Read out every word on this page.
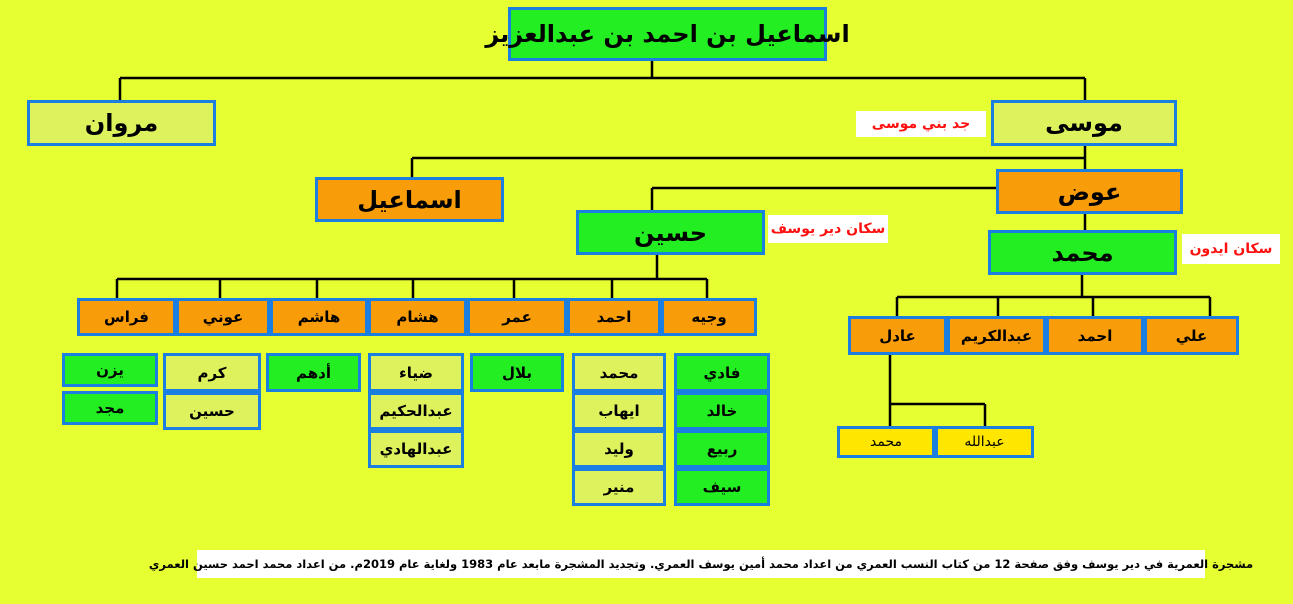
اسماعيل بن احمد بن عبدالعزيز
مروان	موسى
جد بني موسى
اسماعيل	عوض
حسين	سكان دير يوسف
محمد	سكان ايدون
وجيه
احمد
عمر
هشام
هاشم
عوني
فراس
فادي
خالد
ربيع
سيف
محمد
ايهاب
وليد
منير
بلال
ضياء
عبدالحكيم
عبدالهادي
أدهم
كرم
حسين
يزن
مجد
علي
احمد
عبدالكريم
عادل
عبدالله
محمد
مشجرة العمرية في دير يوسف وفق صفحة 12 من كتاب النسب العمري من اعداد محمد أمين يوسف العمري. وتجديد المشجرة مابعد عام 1983 ولغاية عام 2019م. من اعداد محمد احمد حسين العمري
